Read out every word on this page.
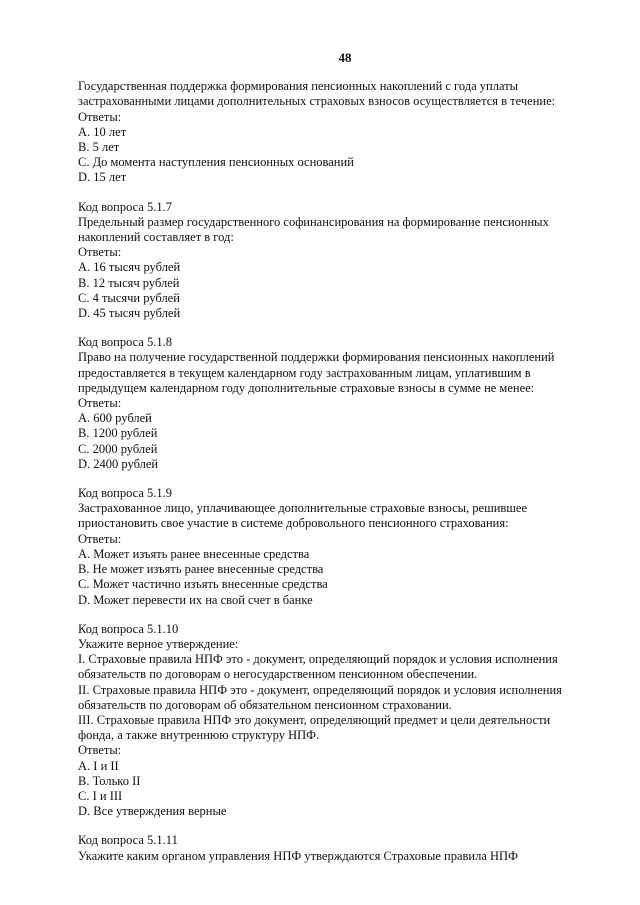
48
Государственная поддержка формирования пенсионных накоплений с года уплаты
застрахованными лицами дополнительных страховых взносов осуществляется в течение:
Ответы:
А. 10 лет
В. 5 лет
С. До момента наступления пенсионных оснований
D. 15 лет
Код вопроса 5.1.7
Предельный размер государственного софинансирования на формирование пенсионных
накоплений составляет в год:
Ответы:
А. 16 тысяч рублей
В. 12 тысяч рублей
С. 4 тысячи рублей
D. 45 тысяч рублей
Код вопроса 5.1.8
Право на получение государственной поддержки формирования пенсионных накоплений
предоставляется в текущем календарном году застрахованным лицам, уплатившим в
предыдущем календарном году дополнительные страховые взносы в сумме не менее:
Ответы:
А. 600 рублей
В. 1200 рублей
С. 2000 рублей
D. 2400 рублей
Код вопроса 5.1.9
Застрахованное лицо, уплачивающее дополнительные страховые взносы, решившее
приостановить свое участие в системе добровольного пенсионного страхования:
Ответы:
А. Может изъять ранее внесенные средства
В. Не может изъять ранее внесенные средства
С. Может частично изъять внесенные средства
D. Может перевести их на свой счет в банке
Код вопроса 5.1.10
Укажите верное утверждение:
I. Страховые правила НПФ это - документ, определяющий порядок и условия исполнения
обязательств по договорам о негосударственном пенсионном обеспечении.
II. Страховые правила НПФ это - документ, определяющий порядок и условия исполнения
обязательств по договорам об обязательном пенсионном страховании.
III. Страховые правила НПФ это документ, определяющий предмет и цели деятельности
фонда, а также внутреннюю структуру НПФ.
Ответы:
А. I и II
В. Только II
С. I и III
D. Все утверждения верные
Код вопроса 5.1.11
Укажите каким органом управления НПФ утверждаются Страховые правила НПФ
